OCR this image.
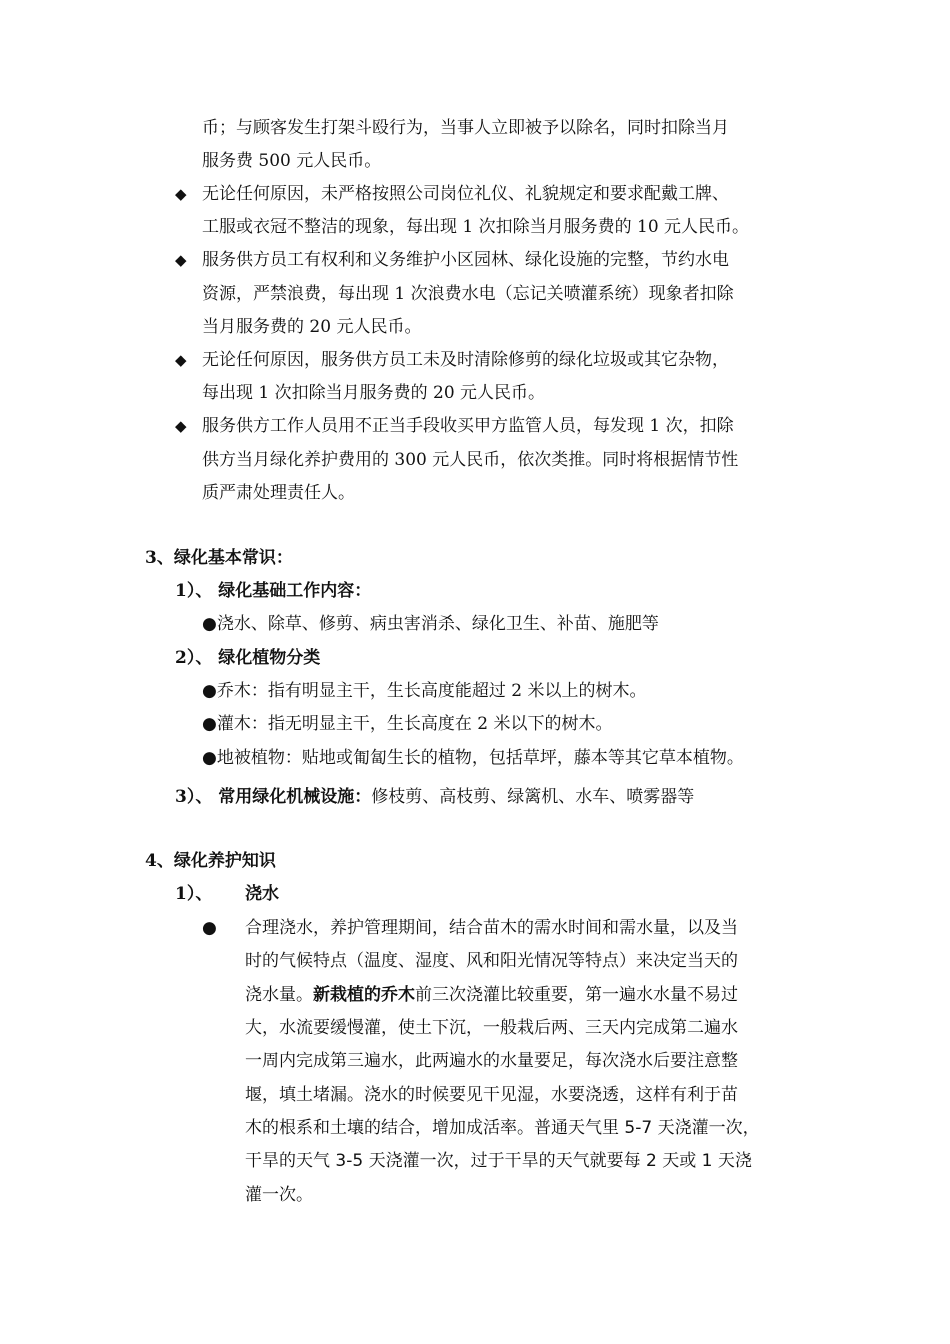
币；与顾客发生打架斗殴行为，当事人立即被予以除名，同时扣除当月
服务费 500 元人民币。
◆ 无论任何原因，未严格按照公司岗位礼仪、礼貌规定和要求配戴工牌、
工服或衣冠不整洁的现象，每出现 1 次扣除当月服务费的 10 元人民币。
◆ 服务供方员工有权利和义务维护小区园林、绿化设施的完整，节约水电
资源，严禁浪费，每出现 1 次浪费水电（忘记关喷灌系统）现象者扣除
当月服务费的 20 元人民币。
◆ 无论任何原因，服务供方员工未及时清除修剪的绿化垃圾或其它杂物，
每出现 1 次扣除当月服务费的 20 元人民币。
◆ 服务供方工作人员用不正当手段收买甲方监管人员，每发现 1 次，扣除
供方当月绿化养护费用的 300 元人民币，依次类推。同时将根据情节性
质严肃处理责任人。
3、绿化基本常识：
1）、 绿化基础工作内容：
●浇水、除草、修剪、病虫害消杀、绿化卫生、补苗、施肥等
2）、 绿化植物分类
●乔木：指有明显主干，生长高度能超过 2 米以上的树木。
●灌木：指无明显主干，生长高度在 2 米以下的树木。
●地被植物：贴地或匍匐生长的植物，包括草坪，藤本等其它草本植物。
3）、 常用绿化机械设施：修枝剪、高枝剪、绿篱机、水车、喷雾器等
4、绿化养护知识
1）、 浇水
● 合理浇水，养护管理期间，结合苗木的需水时间和需水量，以及当
时的气候特点（温度、湿度、风和阳光情况等特点）来决定当天的
浇水量。新栽植的乔木前三次浇灌比较重要，第一遍水水量不易过
大，水流要缓慢灌，使土下沉，一般栽后两、三天内完成第二遍水
一周内完成第三遍水，此两遍水的水量要足，每次浇水后要注意整
堰，填土堵漏。浇水的时候要见干见湿，水要浇透，这样有利于苗
木的根系和土壤的结合，增加成活率。普通天气里 5-7 天浇灌一次，
干旱的天气 3-5 天浇灌一次，过于干旱的天气就要每 2 天或 1 天浇
灌一次。
